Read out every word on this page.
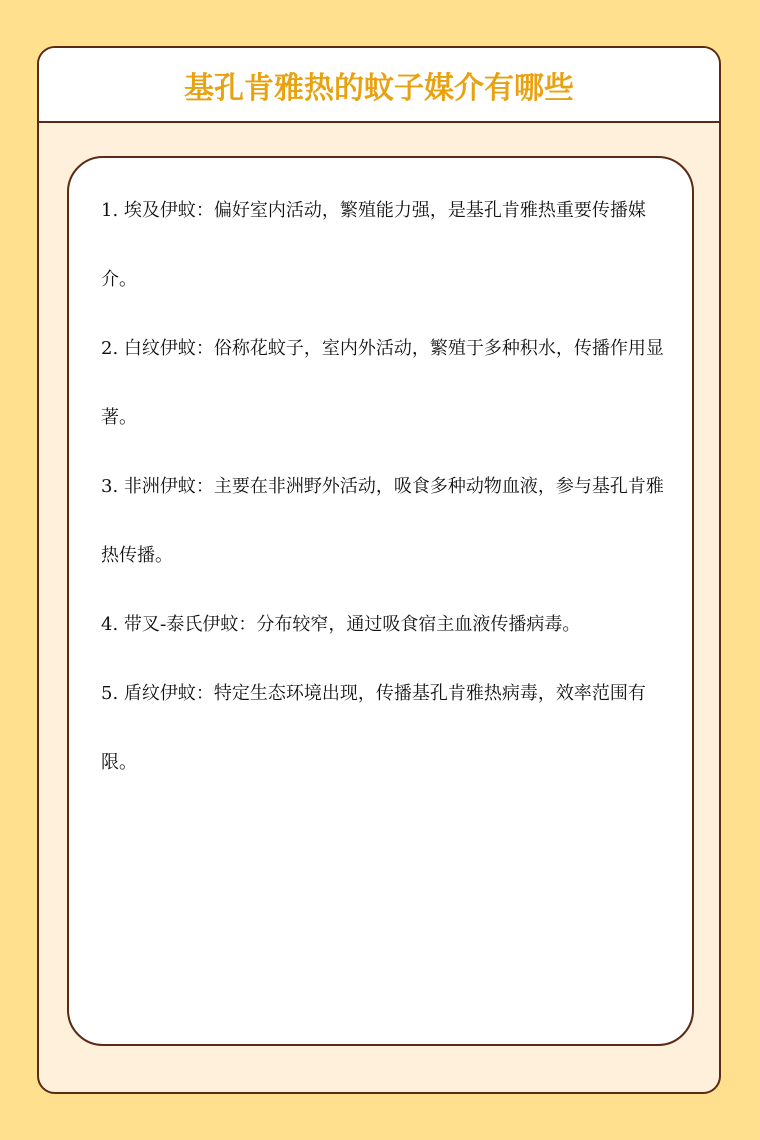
基孔肯雅热的蚊子媒介有哪些

1. 埃及伊蚊：偏好室内活动，繁殖能力强，是基孔肯雅热重要传播媒介。

2. 白纹伊蚊：俗称花蚊子，室内外活动，繁殖于多种积水，传播作用显著。

3. 非洲伊蚊：主要在非洲野外活动，吸食多种动物血液，参与基孔肯雅热传播。

4. 带叉-泰氏伊蚊：分布较窄，通过吸食宿主血液传播病毒。

5. 盾纹伊蚊：特定生态环境出现，传播基孔肯雅热病毒，效率范围有限。
